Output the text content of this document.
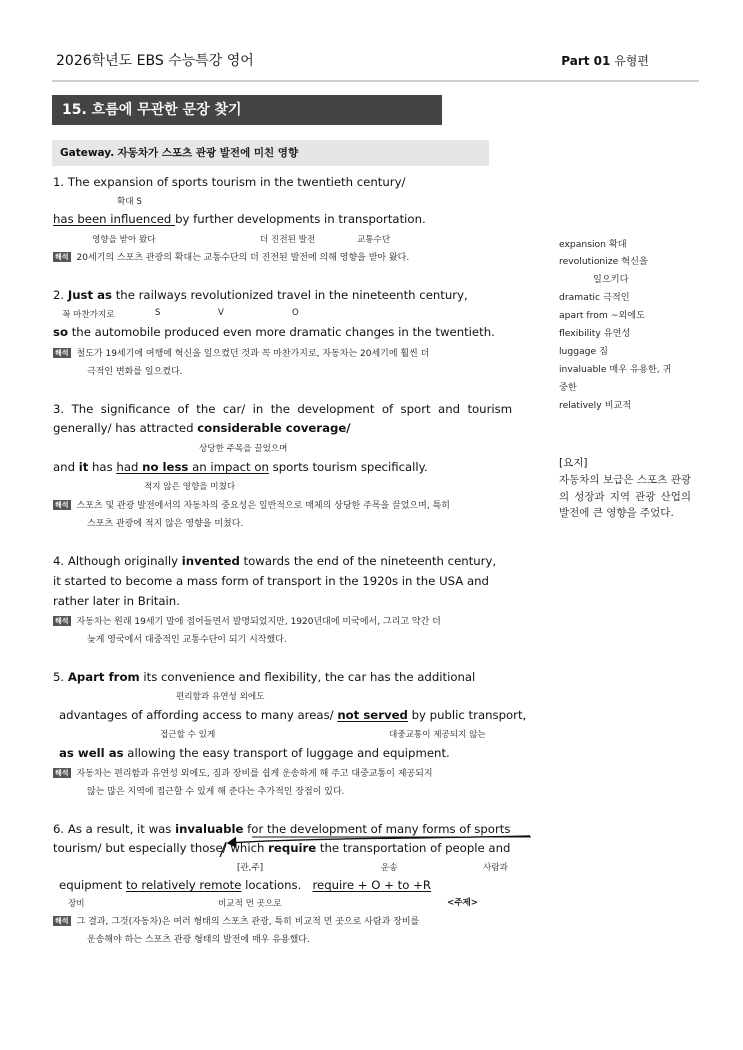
2026학년도 EBS 수능특강 영어	Part 01 유형편
15. 흐름에 무관한 문장 찾기
Gateway. 자동차가 스포츠 관광 발전에 미친 영향
1. The expansion of sports tourism in the twentieth century/
확대 S
has been influenced by further developments in transportation.
영향을 받아 왔다	더 진전된 발전	교통수단
해석 20세기의 스포츠 관광의 확대는 교통수단의 더 진전된 발전에 의해 영향을 받아 왔다.
2. Just as the railways revolutionized travel in the nineteenth century,
꼭 마찬가지로	S	V	O
so the automobile produced even more dramatic changes in the twentieth.
해석 철도가 19세기에 여행에 혁신을 일으켰던 것과 꼭 마찬가지로, 자동차는 20세기에 훨씬 더
극적인 변화를 일으켰다.
3.  The  significance  of  the  car/  in  the  development  of  sport  and  tourism
generally/ has attracted considerable coverage/
상당한 주목을 끌었으며
and it has had no less an impact on sports tourism specifically.
적지 않은 영향을 미쳤다
해석 스포츠 및 관광 발전에서의 자동차의 중요성은 일반적으로 매체의 상당한 주목을 끌었으며, 특히
스포츠 관광에 적지 않은 영향을 미쳤다.
4. Although originally invented towards the end of the nineteenth century,
it started to become a mass form of transport in the 1920s in the USA and
rather later in Britain.
해석 자동차는 원래 19세기 말에 접어들면서 발명되었지만, 1920년대에 미국에서, 그리고 약간 더
늦게 영국에서 대중적인 교통수단이 되기 시작했다.
5. Apart from its convenience and flexibility, the car has the additional
편리함과 유연성 외에도
advantages of affording access to many areas/ not served by public transport,
접근할 수 있게	대중교통이 제공되지 않는
as well as allowing the easy transport of luggage and equipment.
해석 자동차는 편리함과 유연성 외에도, 짐과 장비를 쉽게 운송하게 해 주고 대중교통이 제공되지
않는 많은 지역에 접근할 수 있게 해 준다는 추가적인 장점이 있다.
6. As a result, it was invaluable for the development of many forms of sports
tourism/ but especially those/ which require the transportation of people and
[관,주]	운송	사람과
equipment to relatively remote locations.   require + O + to +R
장비	비교적 먼 곳으로	<주제>
해석 그 결과, 그것(자동차)은 여러 형태의 스포츠 관광, 특히 비교적 먼 곳으로 사람과 장비를
운송해야 하는 스포츠 관광 형태의 발전에 매우 유용했다.
expansion 확대
revolutionize 혁신을
일으키다
dramatic 극적인
apart from ~외에도
flexibility 유연성
luggage 짐
invaluable 매우 유용한, 귀
중한
relatively 비교적
[요지]
자동차의 보급은 스포츠 관광의 성장과 지역 관광 산업의 발전에 큰 영향을 주었다.
